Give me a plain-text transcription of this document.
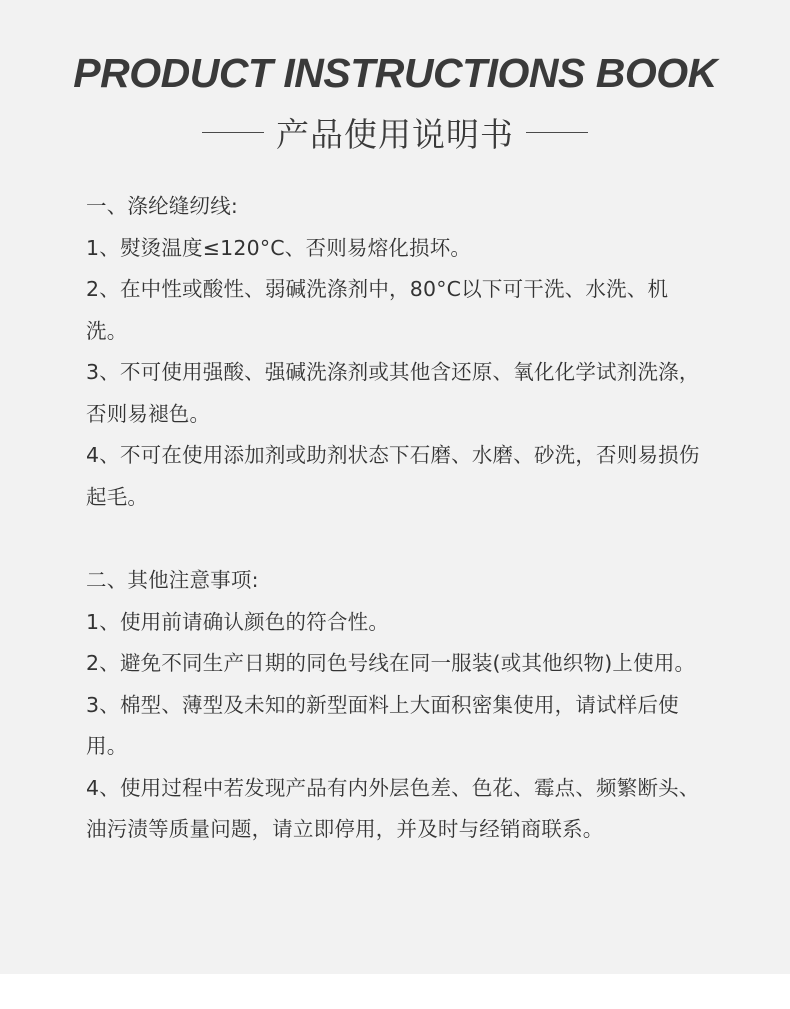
PRODUCT INSTRUCTIONS BOOK
产品使用说明书
一、涤纶缝纫线:
1、熨烫温度≤120°C、否则易熔化损坏。
2、在中性或酸性、弱碱洗涤剂中，80°C以下可干洗、水洗、机洗。
3、不可使用强酸、强碱洗涤剂或其他含还原、氧化化学试剂洗涤，否则易褪色。
4、不可在使用添加剂或助剂状态下石磨、水磨、砂洗，否则易损伤起毛。
二、其他注意事项:
1、使用前请确认颜色的符合性。
2、避免不同生产日期的同色号线在同一服装(或其他织物)上使用。
3、棉型、薄型及未知的新型面料上大面积密集使用，请试样后使用。
4、使用过程中若发现产品有内外层色差、色花、霉点、频繁断头、油污渍等质量问题，请立即停用，并及时与经销商联系。
